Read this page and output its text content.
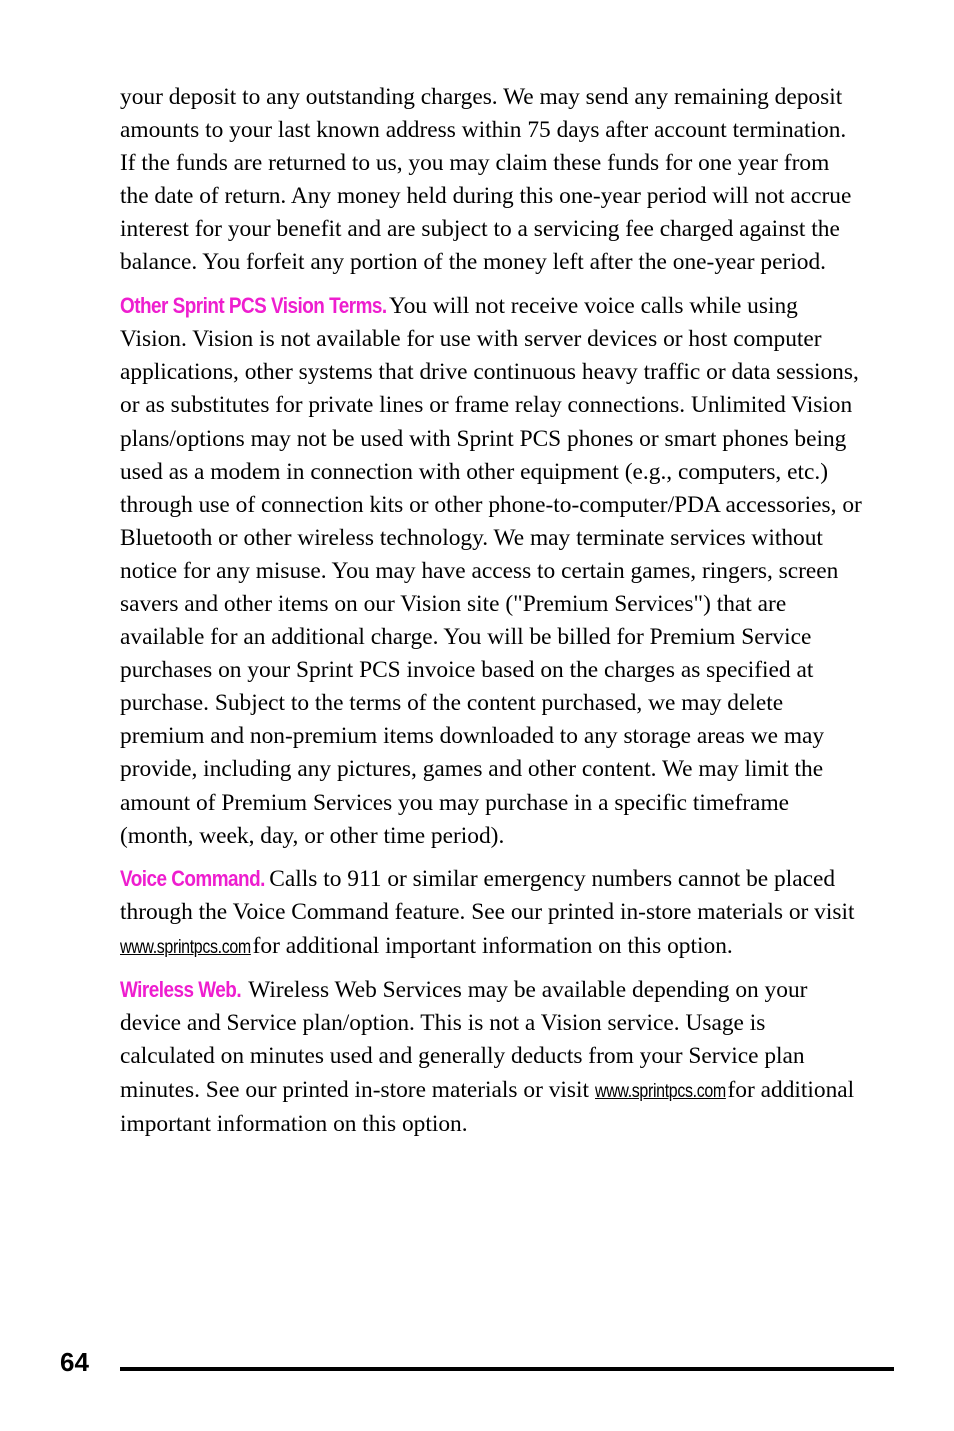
your deposit to any outstanding charges. We may send any remaining deposit amounts to your last known address within 75 days after account termination. If the funds are returned to us, you may claim these funds for one year from the date of return. Any money held during this one-year period will not accrue interest for your benefit and are subject to a servicing fee charged against the balance. You forfeit any portion of the money left after the one-year period.

Other Sprint PCS Vision Terms. You will not receive voice calls while using Vision. Vision is not available for use with server devices or host computer applications, other systems that drive continuous heavy traffic or data sessions, or as substitutes for private lines or frame relay connections. Unlimited Vision plans/options may not be used with Sprint PCS phones or smart phones being used as a modem in connection with other equipment (e.g., computers, etc.) through use of connection kits or other phone-to-computer/PDA accessories, or Bluetooth or other wireless technology. We may terminate services without notice for any misuse. You may have access to certain games, ringers, screen savers and other items on our Vision site ("Premium Services") that are available for an additional charge. You will be billed for Premium Service purchases on your Sprint PCS invoice based on the charges as specified at purchase. Subject to the terms of the content purchased, we may delete premium and non-premium items downloaded to any storage areas we may provide, including any pictures, games and other content. We may limit the amount of Premium Services you may purchase in a specific timeframe (month, week, day, or other time period).

Voice Command. Calls to 911 or similar emergency numbers cannot be placed through the Voice Command feature. See our printed in-store materials or visit www.sprintpcs.com for additional important information on this option.

Wireless Web. Wireless Web Services may be available depending on your device and Service plan/option. This is not a Vision service. Usage is calculated on minutes used and generally deducts from your Service plan minutes. See our printed in-store materials or visit www.sprintpcs.com for additional important information on this option.

64
